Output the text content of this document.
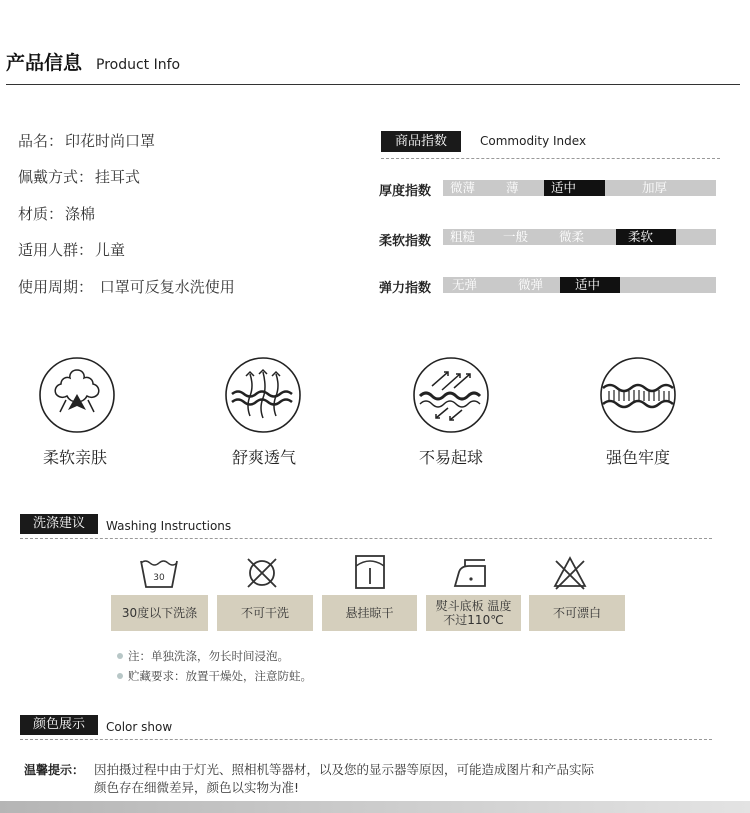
产品信息 Product Info
品名： 印花时尚口罩
佩戴方式： 挂耳式
材质： 涤棉
适用人群： 儿童
使用周期： 口罩可反复水洗使用
商品指数	Commodity Index
厚度指数 微薄	薄	适中	加厚
柔软指数 粗糙	一般	微柔	柔软
弹力指数 无弹	微弹	适中
柔软亲肤	舒爽透气	不易起球	强色牢度
洗涤建议	Washing Instructions
30
30度以下洗涤	不可干洗	悬挂晾干	熨斗底板 温度不过110℃	不可漂白
注：单独洗涤，勿长时间浸泡。
贮藏要求：放置干燥处，注意防蛀。
颜色展示	Color show
温馨提示： 因拍摄过程中由于灯光、照相机等器材，以及您的显示器等原因，可能造成图片和产品实际
颜色存在细微差异，颜色以实物为准!
